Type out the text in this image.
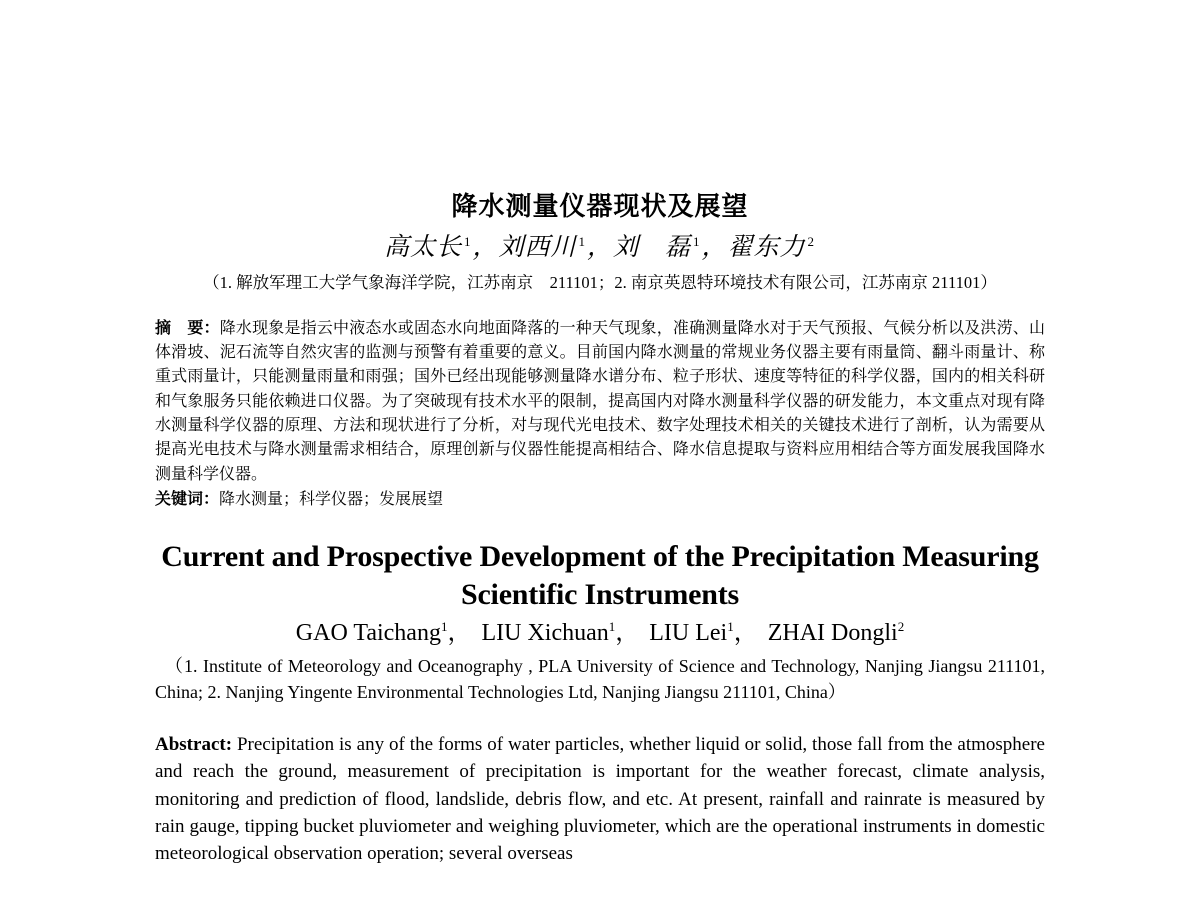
降水测量仪器现状及展望
高太长 $^1$，刘西川 $^1$，刘　磊 $^1$，翟东力 $^2$
（1. 解放军理工大学气象海洋学院，江苏南京　211101；2. 南京英恩特环境技术有限公司，江苏南京 211101）
摘　要：降水现象是指云中液态水或固态水向地面降落的一种天气现象，准确测量降水对于天气预报、气候分析以及洪涝、山体滑坡、泥石流等自然灾害的监测与预警有着重要的意义。目前国内降水测量的常规业务仪器主要有雨量筒、翻斗雨量计、称重式雨量计，只能测量雨量和雨强；国外已经出现能够测量降水谱分布、粒子形状、速度等特征的科学仪器，国内的相关科研和气象服务只能依赖进口仪器。为了突破现有技术水平的限制，提高国内对降水测量科学仪器的研发能力，本文重点对现有降水测量科学仪器的原理、方法和现状进行了分析，对与现代光电技术、数字处理技术相关的关键技术进行了剖析，认为需要从提高光电技术与降水测量需求相结合，原理创新与仪器性能提高相结合、降水信息提取与资料应用相结合等方面发展我国降水测量科学仪器。
关键词：降水测量；科学仪器；发展展望
Current and Prospective Development of the Precipitation Measuring Scientific Instruments
GAO Taichang$^1$， LIU Xichuan$^1$， LIU Lei$^1$， ZHAI Dongli$^2$
（1. Institute of Meteorology and Oceanography , PLA University of Science and Technology, Nanjing Jiangsu 211101, China; 2. Nanjing Yingente Environmental Technologies Ltd, Nanjing Jiangsu 211101, China）
Abstract: Precipitation is any of the forms of water particles, whether liquid or solid, those fall from the atmosphere and reach the ground, measurement of precipitation is important for the weather forecast, climate analysis, monitoring and prediction of flood, landslide, debris flow, and etc. At present, rainfall and rainrate is measured by rain gauge, tipping bucket pluviometer and weighing pluviometer, which are the operational instruments in domestic meteorological observation operation; several overseas
